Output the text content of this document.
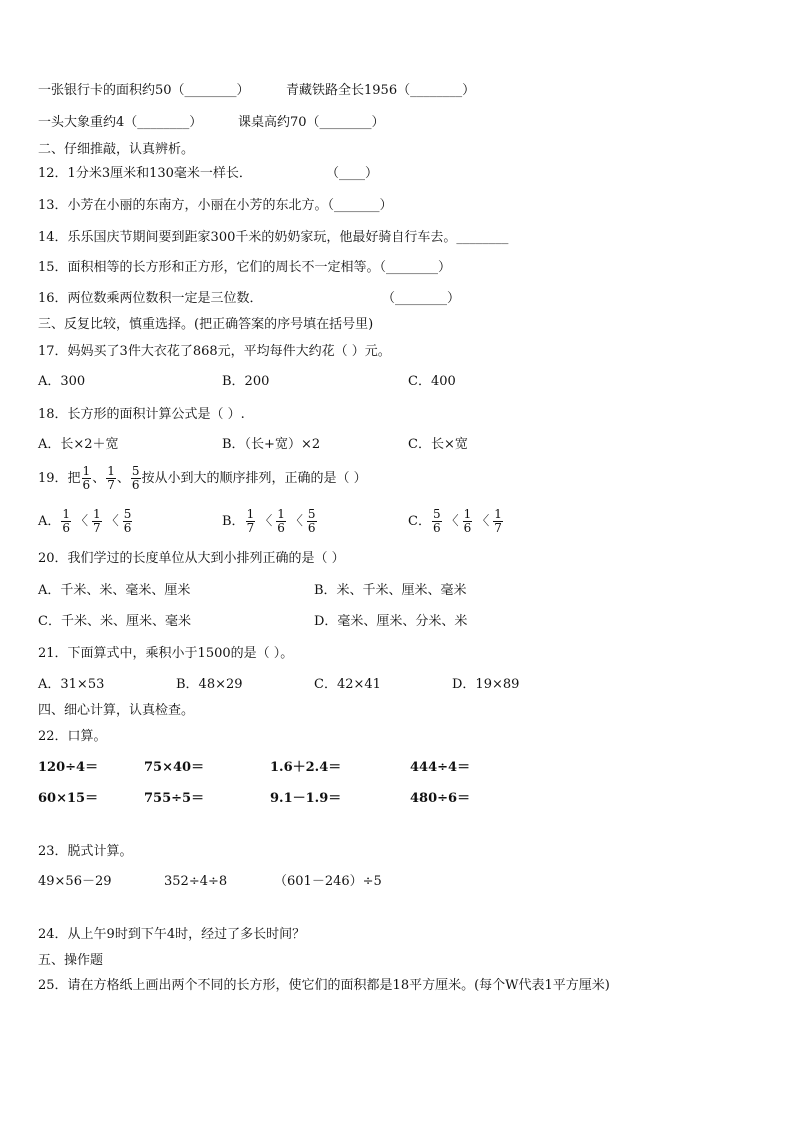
一张银行卡的面积约50（________）	青藏铁路全长1956（________）
一头大象重约4（________）	课桌高约70（________）
二、仔细推敲，认真辨析。
12．1分米3厘米和130毫米一样长．	（____）
13．小芳在小丽的东南方，小丽在小芳的东北方。（_______）
14．乐乐国庆节期间要到距家300千米的奶奶家玩，他最好骑自行车去。________
15．面积相等的长方形和正方形，它们的周长不一定相等。（________）
16．两位数乘两位数积一定是三位数．	（________）
三、反复比较，慎重选择。(把正确答案的序号填在括号里)
17．妈妈买了3件大衣花了868元，平均每件大约花（ ）元。
A．300	B．200	C．400
18．长方形的面积计算公式是（ ）.
A．长×2＋宽	B．（长+宽）×2	C．长×宽
19．把 $\frac{1}{6}$ 、 $\frac{1}{7}$ 、 $\frac{5}{6}$ 按从小到大的顺序排列，正确的是（ ）
A． $\frac{1}{6}$ 〈 $\frac{1}{7}$ 〈 $\frac{5}{6}$	B． $\frac{1}{7}$ 〈 $\frac{1}{6}$ 〈 $\frac{5}{6}$	C． $\frac{5}{6}$ 〈 $\frac{1}{6}$ 〈 $\frac{1}{7}$
20．我们学过的长度单位从大到小排列正确的是（ ）
A．千米、米、毫米、厘米	B．米、千米、厘米、毫米
C．千米、米、厘米、毫米	D．毫米、厘米、分米、米
21．下面算式中，乘积小于1500的是（ ）。
A．31×53	B．48×29	C．42×41	D．19×89
四、细心计算，认真检查。
22．口算。
120÷4＝	75×40＝	1.6＋2.4＝	444÷4＝
60×15＝	755÷5＝	9.1－1.9＝	480÷6＝
23．脱式计算。
49×56－29	352÷4÷8	（601－246）÷5
24．从上午9时到下午4时，经过了多长时间？
五、操作题
25．请在方格纸上画出两个不同的长方形，使它们的面积都是18平方厘米。(每个W代表1平方厘米)
